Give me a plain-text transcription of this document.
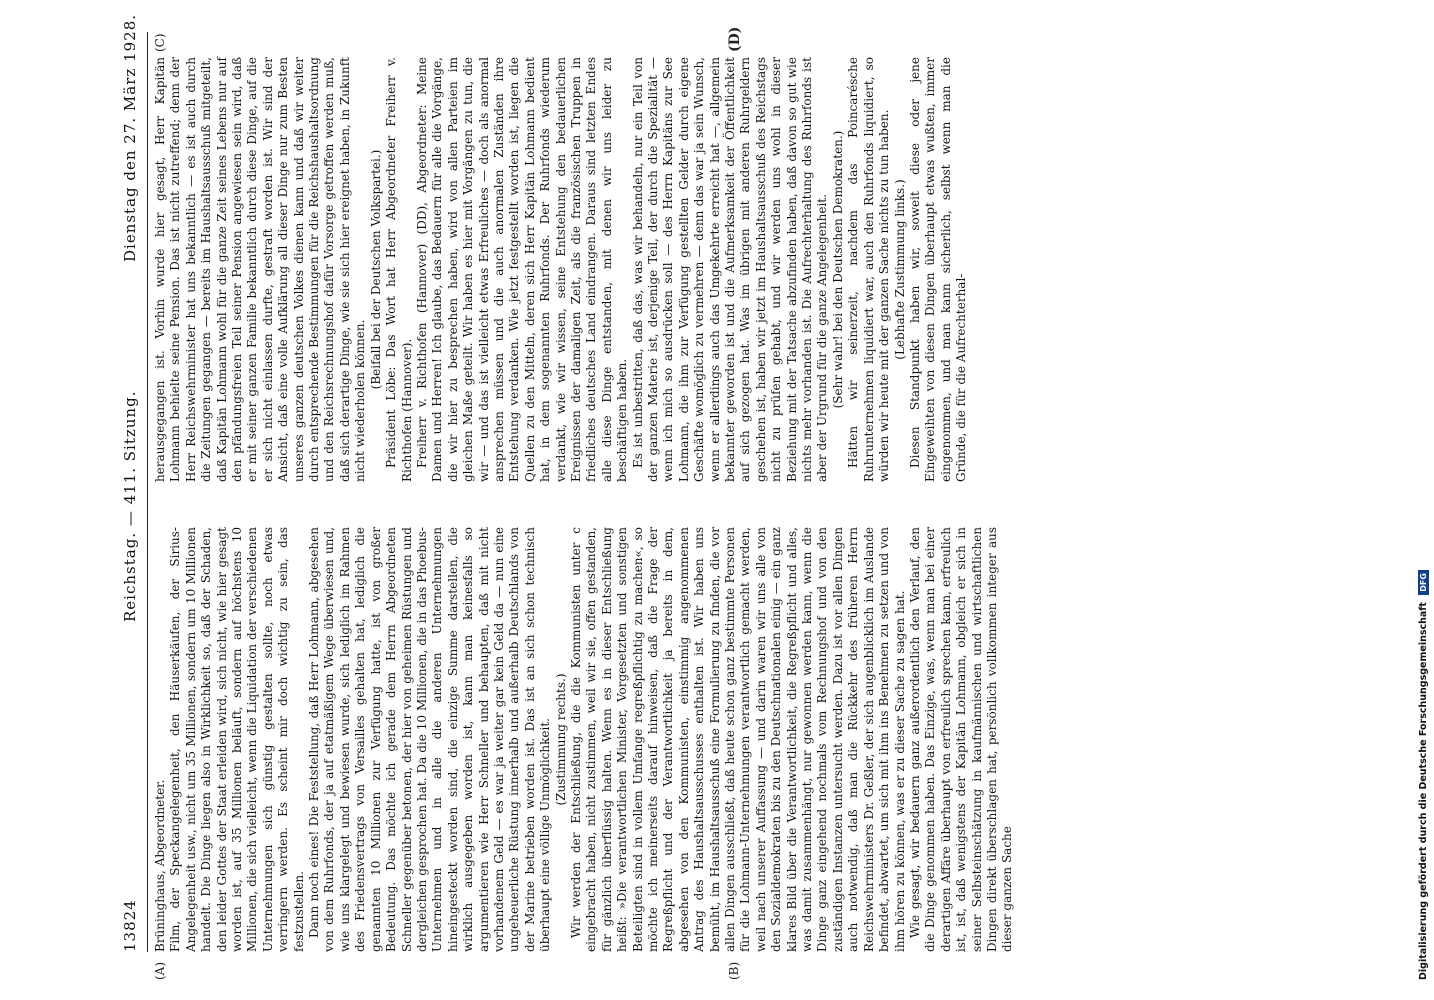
13824
Reichstag. — 411. Sitzung.
Dienstag den 27. März 1928.

Brüninghaus, Abgeordneter. Film, der Speckangelegenheit, den Häuserkäufen, der Sirius-Angelegenheit usw., nicht um 35 Millionen, sondern um 10 Millionen handelt. Die Dinge liegen also in Wirklichkeit so, daß der Schaden, den leider Gottes der Staat erleiden wird, sich nicht, wie hier gesagt worden ist, auf 35 Millionen beläuft, sondern auf höchstens 10 Millionen, die sich vielleicht, wenn die Liquidation der verschiedenen Unternehmungen sich günstig gestalten sollte, noch etwas verringern werden. Es scheint mir doch wichtig zu sein, das festzustellen. Dann noch eines! Die Feststellung, daß Herr Lohmann, abgesehen von dem Ruhrfonds, der ja auf etatmäßigem Wege überwiesen und, wie uns klargelegt und bewiesen wurde, sich lediglich im Rahmen des Friedensvertrags von Versailles gehalten hat, lediglich die genannten 10 Millionen zur Verfügung hatte, ist von großer Bedeutung. Das möchte ich gerade dem Herrn Abgeordneten Schneller gegenüber betonen, der hier von geheimen Rüstungen und dergleichen gesprochen hat. Da die 10 Millionen, die in das Phoebus-Unternehmen und in alle die anderen Unternehmungen hineingesteckt worden sind, die einzige Summe darstellen, die wirklich ausgegeben worden ist, kann man keinesfalls so argumentieren wie Herr Schneller und behaupten, daß mit nicht vorhandenem Geld — es war ja weiter gar kein Geld da — nun eine ungeheuerliche Rüstung innerhalb und außerhalb Deutschlands von der Marine betrieben worden ist. Das ist an sich schon technisch überhaupt eine völlige Unmöglichkeit. (Zustimmung rechts.) Wir werden der Entschließung, die die Kommunisten unter c eingebracht haben, nicht zustimmen, weil wir sie, offen gestanden, für gänzlich überflüssig halten. Wenn es in dieser Entschließung heißt: »Die verantwortlichen Minister, Vorgesetzten und sonstigen Beteiligten sind in vollem Umfange regreßpflichtig zu machen«, so möchte ich meinerseits darauf hinweisen, daß die Frage der Regreßpflicht und der Verantwortlichkeit ja bereits in dem, abgesehen von den Kommunisten, einstimmig angenommenen Antrag des Haushaltsausschusses enthalten ist. Wir haben uns bemüht, im Haushaltsausschuß eine Formulierung zu finden, die vor allen Dingen ausschließt, daß heute schon ganz bestimmte Personen für die Lohmann-Unternehmungen verantwortlich gemacht werden, weil nach unserer Auffassung — und darin waren wir uns alle von den Sozialdemokraten bis zu den Deutschnationalen einig — ein ganz klares Bild über die Verantwortlichkeit, die Regreßpflicht und alles, was damit zusammenhängt, nur gewonnen werden kann, wenn die Dinge ganz eingehend nochmals vom Rechnungshof und von den zuständigen Instanzen untersucht werden. Dazu ist vor allen Dingen auch notwendig, daß man die Rückkehr des früheren Herrn Reichswehrministers Dr. Geßler, der sich augenblicklich im Auslande befindet, abwartet, um sich mit ihm ins Benehmen zu setzen und von ihm hören zu können, was er zu dieser Sache zu sagen hat. Wie gesagt, wir bedauern ganz außerordentlich den Verlauf, den die Dinge genommen haben. Das Einzige, was, wenn man bei einer derartigen Affäre überhaupt von erfreulich sprechen kann, erfreulich ist, ist, daß wenigstens der Kapitän Lohmann, obgleich er sich in seiner Selbsteinschätzung in kaufmännischen und wirtschaftlichen Dingen direkt überschlagen hat, persönlich vollkommen integer aus dieser ganzen Sache

herausgegangen ist. Vorhin wurde hier gesagt, Herr Kapitän Lohmann behielte seine Pension. Das ist nicht zutreffend; denn der Herr Reichswehrminister hat uns bekanntlich — es ist auch durch die Zeitungen gegangen — bereits im Haushaltsausschuß mitgeteilt, daß Kapitän Lohmann wohl für die ganze Zeit seines Lebens nur auf den pfändungsfreien Teil seiner Pension angewiesen sein wird, daß er mit seiner ganzen Familie bekanntlich durch diese Dinge, auf die er sich nicht einlassen durfte, gestraft worden ist. Wir sind der Ansicht, daß eine volle Aufklärung all dieser Dinge nur zum Besten unseres ganzen deutschen Volkes dienen kann und daß wir weiter durch entsprechende Bestimmungen für die Reichshaushaltsordnung und den Reichsrechnungshof dafür Vorsorge getroffen werden muß, daß sich derartige Dinge, wie sie sich hier ereignet haben, in Zukunft nicht wiederholen können.

(Beifall bei der Deutschen Volkspartei.) Präsident Löbe: Das Wort hat Herr Abgeordneter Freiherr v. Richthofen (Hannover). Freiherr v. Richthofen (Hannover) (DD), Abgeordneter: Meine Damen und Herren! Ich glaube, das Bedauern für alle die Vorgänge, die wir hier zu besprechen haben, wird von allen Parteien im gleichen Maße geteilt. Wir haben es hier mit Vorgängen zu tun, die wir — und das ist vielleicht etwas Erfreuliches — doch als anormal ansprechen müssen und die auch anormalen Zuständen ihre Entstehung verdanken. Wie jetzt festgestellt worden ist, liegen die Quellen zu den Mitteln, deren sich Herr Kapitän Lohmann bedient hat, in dem sogenannten Ruhrfonds. Der Ruhrfonds wiederum verdankt, wie wir wissen, seine Entstehung den bedauerlichen Ereignissen der damaligen Zeit, als die französischen Truppen in friedliches deutsches Land eindrangen. Daraus sind letzten Endes alle diese Dinge entstanden, mit denen wir uns leider zu beschäftigen haben. Es ist unbestritten, daß das, was wir behandeln, nur ein Teil von der ganzen Materie ist, derjenige Teil, der durch die Spezialität — wenn ich mich so ausdrücken soll — des Herrn Kapitäns zur See Lohmann, die ihm zur Verfügung gestellten Gelder durch eigene Geschäfte womöglich zu vermehren — denn das war ja sein Wunsch, wenn er allerdings auch das Umgekehrte erreicht hat —, allgemein bekannter geworden ist und die Aufmerksamkeit der Öffentlichkeit auf sich gezogen hat. Was im übrigen mit anderen Ruhrgeldern geschehen ist, haben wir jetzt im Haushaltsausschuß des Reichstags nicht zu prüfen gehabt, und wir werden uns wohl in dieser Beziehung mit der Tatsache abzufinden haben, daß davon so gut wie nichts mehr vorhanden ist. Die Aufrechterhaltung des Ruhrfonds ist aber der Urgrund für die ganze Angelegenheit. (Sehr wahr! bei den Deutschen Demokraten.) Hätten wir seinerzeit, nachdem das Poincarésche Ruhrunternehmen liquidiert war, auch den Ruhrfonds liquidiert, so würden wir heute mit der ganzen Sache nichts zu tun haben. (Lebhafte Zustimmung links.) Diesen Standpunkt haben wir, soweit diese oder jene Eingeweihten von diesen Dingen überhaupt etwas wußten, immer eingenommen, und man kann sicherlich, selbst wenn man die Gründe, die für die Aufrechterhal-

(A)	(B)
(C)	(D)
Digitalisierung gefördert durch die Deutsche Forschungsgemeinschaft DFG
